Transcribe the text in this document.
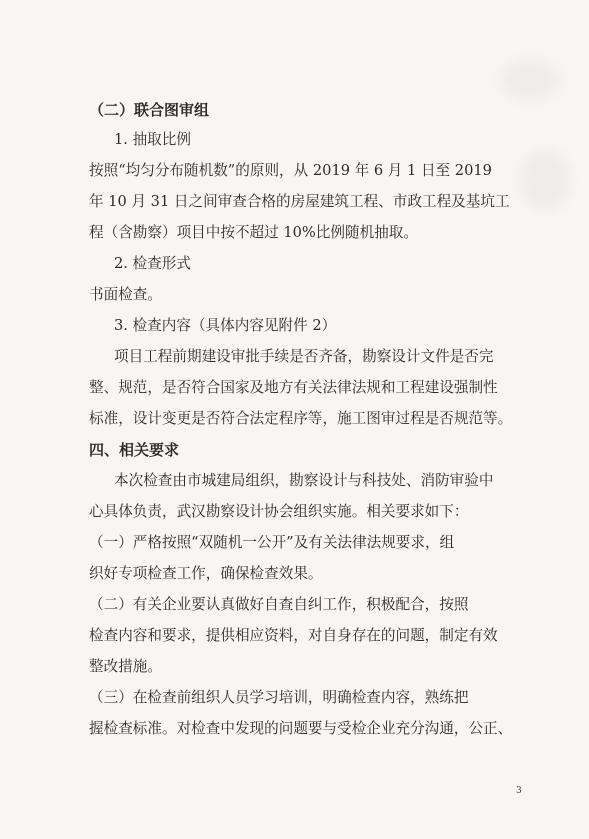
（二）联合图审组
1. 抽取比例
按照“均匀分布随机数”的原则，从 2019 年 6 月 1 日至 2019
年 10 月 31 日之间审查合格的房屋建筑工程、市政工程及基坑工
程（含勘察）项目中按不超过 10%比例随机抽取。
2. 检查形式
书面检查。
3. 检查内容（具体内容见附件 2）
项目工程前期建设审批手续是否齐备，勘察设计文件是否完
整、规范，是否符合国家及地方有关法律法规和工程建设强制性
标准，设计变更是否符合法定程序等，施工图审过程是否规范等。
四、相关要求
本次检查由市城建局组织，勘察设计与科技处、消防审验中
心具体负责，武汉勘察设计协会组织实施。相关要求如下：
（一）严格按照“双随机一公开”及有关法律法规要求，组
织好专项检查工作，确保检查效果。
（二）有关企业要认真做好自查自纠工作，积极配合，按照
检查内容和要求，提供相应资料，对自身存在的问题，制定有效
整改措施。
（三）在检查前组织人员学习培训，明确检查内容，熟练把
握检查标准。对检查中发现的问题要与受检企业充分沟通，公正、
3
